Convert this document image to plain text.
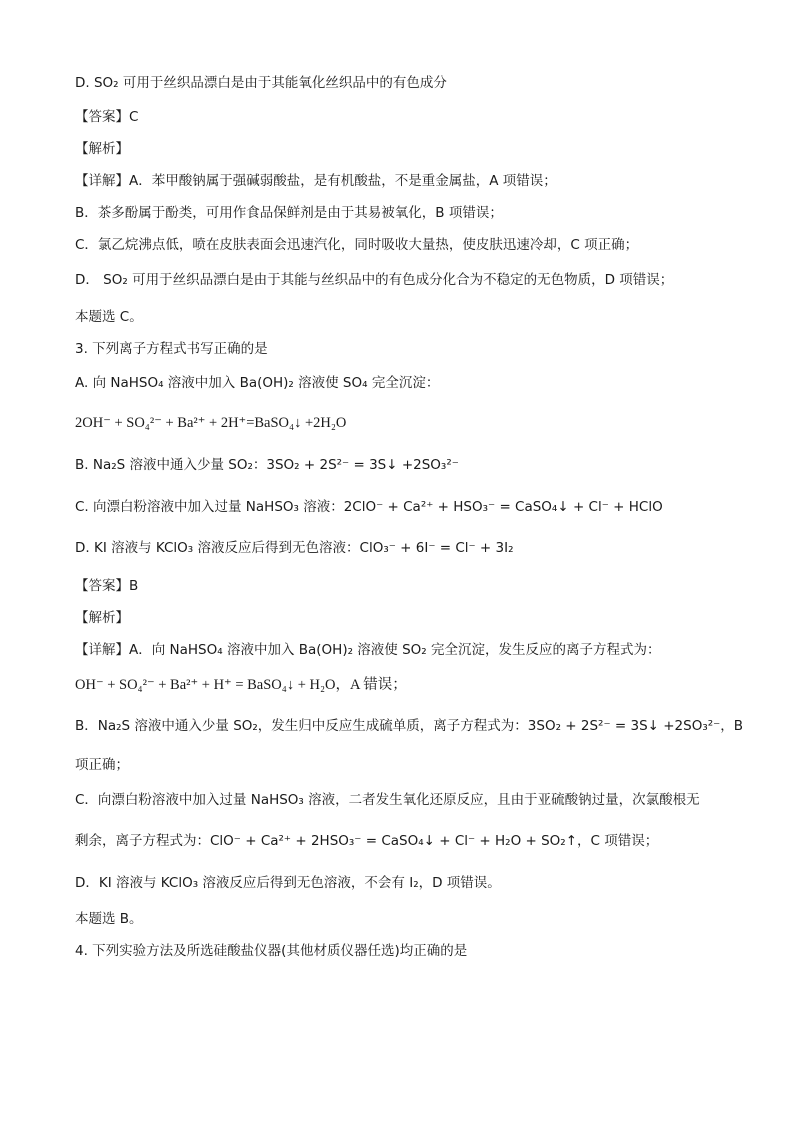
D. SO₂ 可用于丝织品漂白是由于其能氧化丝织品中的有色成分
【答案】C
【解析】
【详解】A．苯甲酸钠属于强碱弱酸盐，是有机酸盐，不是重金属盐，A 项错误；
B．茶多酚属于酚类，可用作食品保鲜剂是由于其易被氧化，B 项错误；
C．氯乙烷沸点低，喷在皮肤表面会迅速汽化，同时吸收大量热，使皮肤迅速冷却，C 项正确；
D． SO₂ 可用于丝织品漂白是由于其能与丝织品中的有色成分化合为不稳定的无色物质，D 项错误；
本题选 C。
3. 下列离子方程式书写正确的是
A. 向 NaHSO₄ 溶液中加入 Ba(OH)₂ 溶液使 SO₄ 完全沉淀：
2OH⁻ + SO₄²⁻ + Ba²⁺ + 2H⁺=BaSO₄↓ +2H₂O
B. Na₂S 溶液中通入少量 SO₂：3SO₂ + 2S²⁻ = 3S↓ +2SO₃²⁻
C. 向漂白粉溶液中加入过量 NaHSO₃ 溶液：2ClO⁻ + Ca²⁺ + HSO₃⁻ = CaSO₄↓ + Cl⁻ + HClO
D. KI 溶液与 KClO₃ 溶液反应后得到无色溶液：ClO₃⁻ + 6I⁻ = Cl⁻ + 3I₂
【答案】B
【解析】
【详解】A．向 NaHSO₄ 溶液中加入 Ba(OH)₂ 溶液使 SO₂ 完全沉淀，发生反应的离子方程式为：
OH⁻ + SO₄²⁻ + Ba²⁺ + H⁺ = BaSO₄↓ + H₂O，A 错误；
B．Na₂S 溶液中通入少量 SO₂，发生归中反应生成硫单质，离子方程式为：3SO₂ + 2S²⁻ = 3S↓ +2SO₃²⁻，B
项正确；
C．向漂白粉溶液中加入过量 NaHSO₃ 溶液，二者发生氧化还原反应，且由于亚硫酸钠过量，次氯酸根无
剩余，离子方程式为：ClO⁻ + Ca²⁺ + 2HSO₃⁻ = CaSO₄↓ + Cl⁻ + H₂O + SO₂↑，C 项错误；
D．KI 溶液与 KClO₃ 溶液反应后得到无色溶液，不会有 I₂，D 项错误。
本题选 B。
4. 下列实验方法及所选硅酸盐仪器(其他材质仪器任选)均正确的是
